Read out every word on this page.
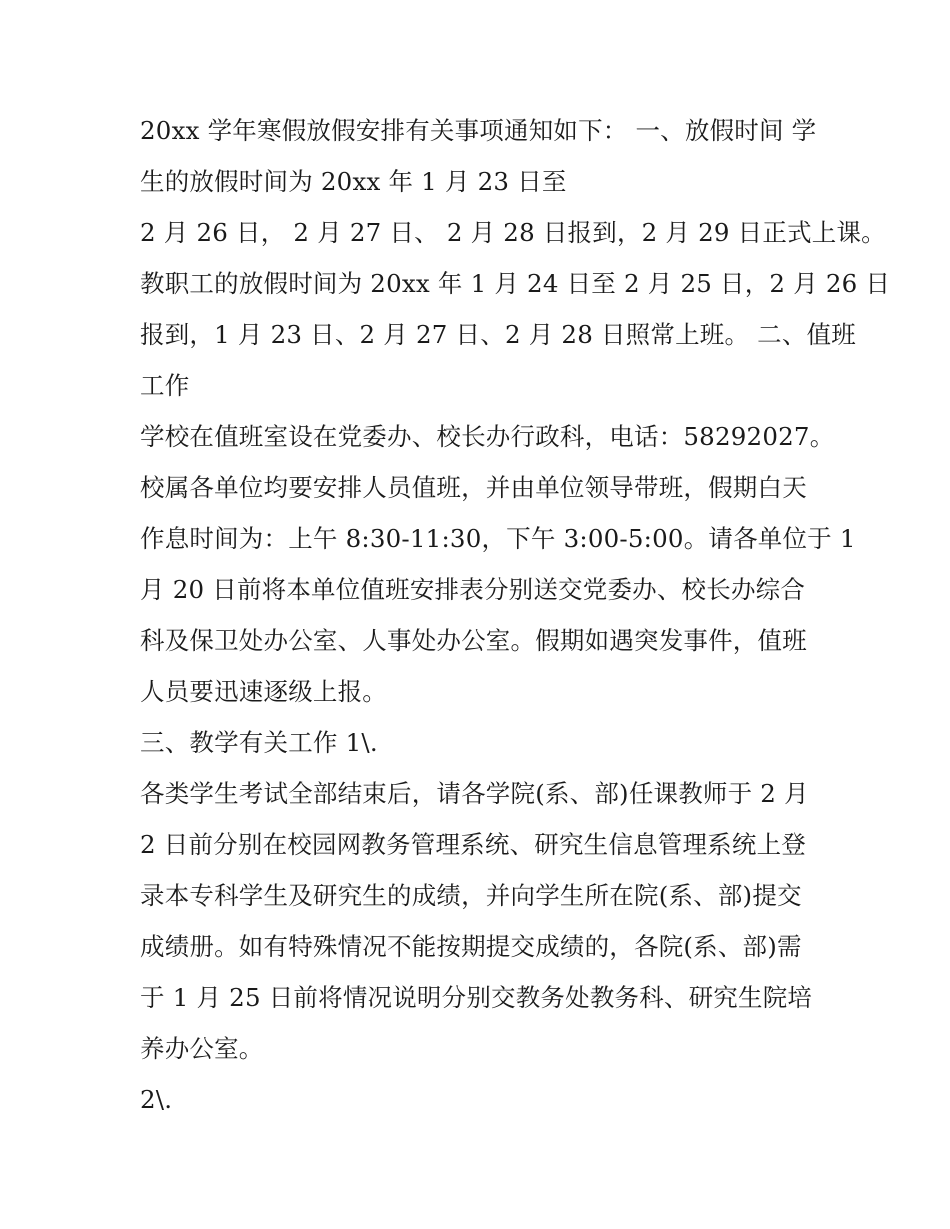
20xx 学年寒假放假安排有关事项通知如下： 一、放假时间 学
生的放假时间为 20xx 年 1 月 23 日至
2 月 26 日， 2 月 27 日、 2 月 28 日报到，2 月 29 日正式上课。
教职工的放假时间为 20xx 年 1 月 24 日至 2 月 25 日，2 月 26 日
报到，1 月 23 日、2 月 27 日、2 月 28 日照常上班。 二、值班
工作
学校在值班室设在党委办、校长办行政科，电话：58292027。
校属各单位均要安排人员值班，并由单位领导带班，假期白天
作息时间为：上午 8:30-11:30，下午 3:00-5:00。请各单位于 1
月 20 日前将本单位值班安排表分别送交党委办、校长办综合
科及保卫处办公室、人事处办公室。假期如遇突发事件，值班
人员要迅速逐级上报。
三、教学有关工作 1\.
各类学生考试全部结束后，请各学院(系、部)任课教师于 2 月
2 日前分别在校园网教务管理系统、研究生信息管理系统上登
录本专科学生及研究生的成绩，并向学生所在院(系、部)提交
成绩册。如有特殊情况不能按期提交成绩的，各院(系、部)需
于 1 月 25 日前将情况说明分别交教务处教务科、研究生院培
养办公室。
2\.
